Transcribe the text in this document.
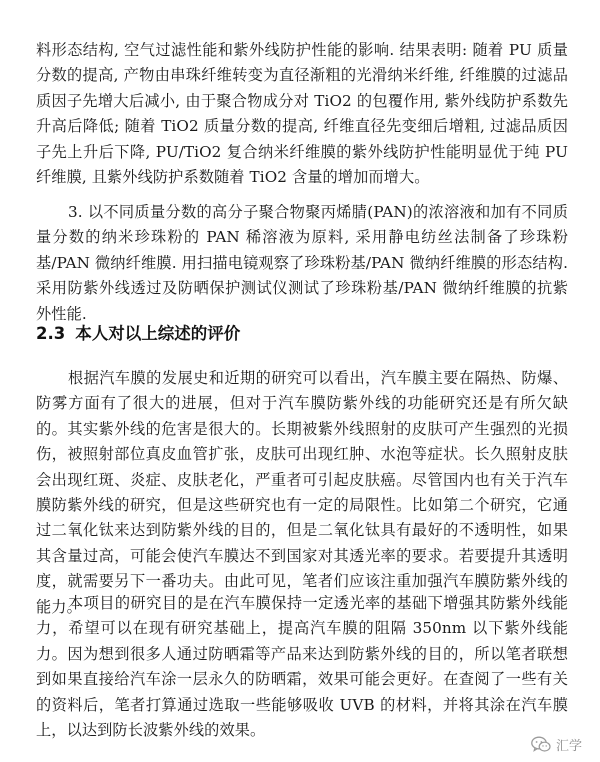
料形态结构, 空气过滤性能和紫外线防护性能的影响. 结果表明: 随着 PU 质量分数的提高, 产物由串珠纤维转变为直径渐粗的光滑纳米纤维, 纤维膜的过滤品质因子先增大后减小, 由于聚合物成分对 TiO2 的包覆作用, 紫外线防护系数先升高后降低; 随着 TiO2 质量分数的提高, 纤维直径先变细后增粗, 过滤品质因子先上升后下降, PU/TiO2 复合纳米纤维膜的紫外线防护性能明显优于纯 PU 纤维膜, 且紫外线防护系数随着 TiO2 含量的增加而增大。

3. 以不同质量分数的高分子聚合物聚丙烯腈(PAN)的浓溶液和加有不同质量分数的纳米珍珠粉的 PAN 稀溶液为原料, 采用静电纺丝法制备了珍珠粉基/PAN 微纳纤维膜. 用扫描电镜观察了珍珠粉基/PAN 微纳纤维膜的形态结构. 采用防紫外线透过及防晒保护测试仪测试了珍珠粉基/PAN 微纳纤维膜的抗紫外性能.

2.3 本人对以上综述的评价

根据汽车膜的发展史和近期的研究可以看出，汽车膜主要在隔热、防爆、防雾方面有了很大的进展，但对于汽车膜防紫外线的功能研究还是有所欠缺的。其实紫外线的危害是很大的。长期被紫外线照射的皮肤可产生强烈的光损伤，被照射部位真皮血管扩张，皮肤可出现红肿、水泡等症状。长久照射皮肤会出现红斑、炎症、皮肤老化，严重者可引起皮肤癌。尽管国内也有关于汽车膜防紫外线的研究，但是这些研究也有一定的局限性。比如第二个研究，它通过二氧化钛来达到防紫外线的目的，但是二氧化钛具有最好的不透明性，如果其含量过高，可能会使汽车膜达不到国家对其透光率的要求。若要提升其透明度，就需要另下一番功夫。由此可见，笔者们应该注重加强汽车膜防紫外线的能力。

本项目的研究目的是在汽车膜保持一定透光率的基础下增强其防紫外线能力，希望可以在现有研究基础上，提高汽车膜的阻隔 350nm 以下紫外线能力。因为想到很多人通过防晒霜等产品来达到防紫外线的目的，所以笔者联想到如果直接给汽车涂一层永久的防晒霜，效果可能会更好。在查阅了一些有关的资料后，笔者打算通过选取一些能够吸收 UVB 的材料，并将其涂在汽车膜上，以达到防长波紫外线的效果。

汇学
